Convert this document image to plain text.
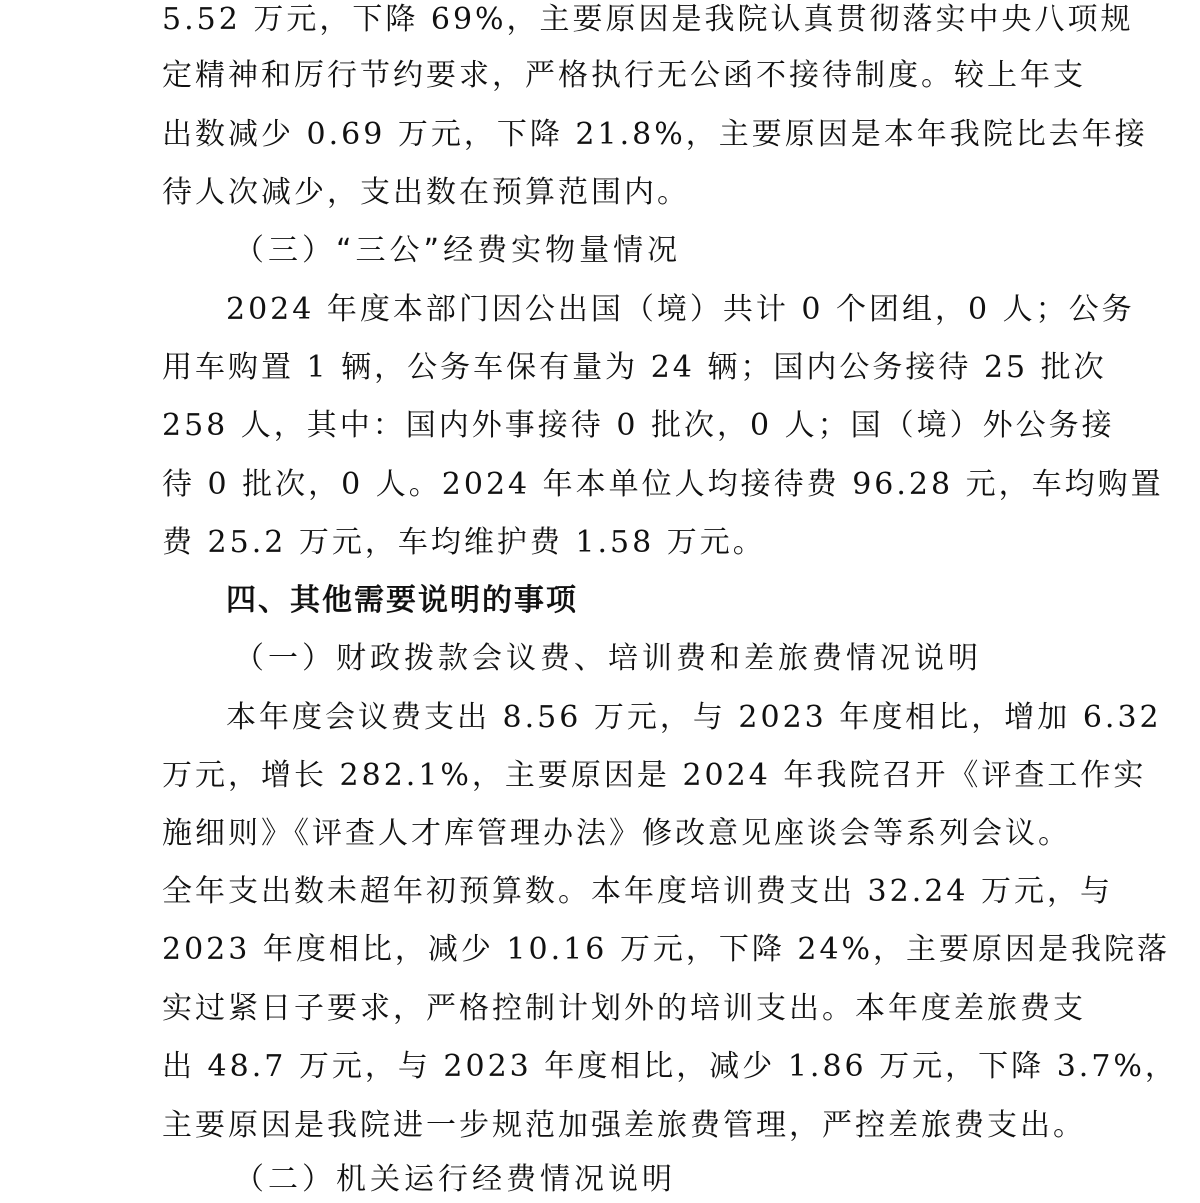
5.52 万元，下降 69%，主要原因是我院认真贯彻落实中央八项规
定精神和厉行节约要求，严格执行无公函不接待制度。较上年支
出数减少 0.69 万元，下降 21.8%，主要原因是本年我院比去年接
待人次减少，支出数在预算范围内。
（三）“三公”经费实物量情况
2024 年度本部门因公出国（境）共计 0 个团组，0 人；公务
用车购置 1 辆，公务车保有量为 24 辆；国内公务接待 25 批次
258 人，其中：国内外事接待 0 批次，0 人；国（境）外公务接
待 0 批次，0 人。2024 年本单位人均接待费 96.28 元，车均购置
费 25.2 万元，车均维护费 1.58 万元。
四、其他需要说明的事项
（一）财政拨款会议费、培训费和差旅费情况说明
本年度会议费支出 8.56 万元，与 2023 年度相比，增加 6.32
万元，增长 282.1%，主要原因是 2024 年我院召开《评查工作实
施细则》《评查人才库管理办法》修改意见座谈会等系列会议。
全年支出数未超年初预算数。本年度培训费支出 32.24 万元，与
2023 年度相比，减少 10.16 万元，下降 24%，主要原因是我院落
实过紧日子要求，严格控制计划外的培训支出。本年度差旅费支
出 48.7 万元，与 2023 年度相比，减少 1.86 万元，下降 3.7%，
主要原因是我院进一步规范加强差旅费管理，严控差旅费支出。
（二）机关运行经费情况说明
